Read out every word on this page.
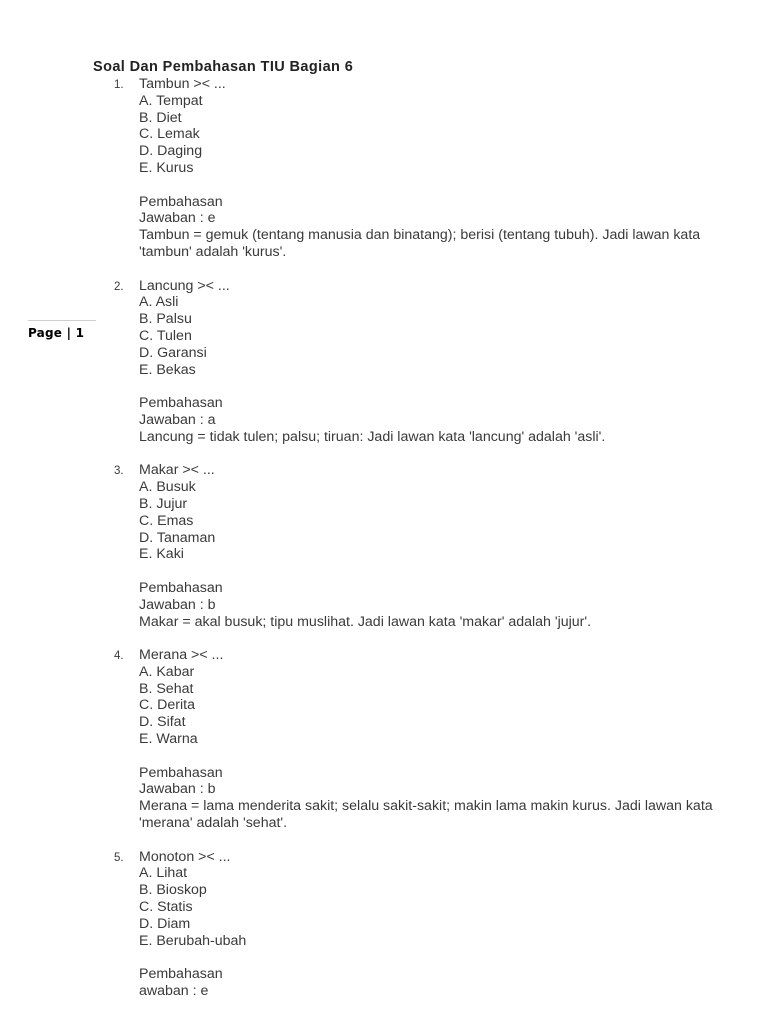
Page | 1
Soal Dan Pembahasan TIU Bagian 6
1. Tambun >< ...
A. Tempat
B. Diet
C. Lemak
D. Daging
E. Kurus
Pembahasan
Jawaban : e
Tambun = gemuk (tentang manusia dan binatang); berisi (tentang tubuh). Jadi lawan kata 'tambun' adalah 'kurus'.
2. Lancung >< ...
A. Asli
B. Palsu
C. Tulen
D. Garansi
E. Bekas
Pembahasan
Jawaban : a
Lancung = tidak tulen; palsu; tiruan: Jadi lawan kata 'lancung' adalah 'asli'.
3. Makar >< ...
A. Busuk
B. Jujur
C. Emas
D. Tanaman
E. Kaki
Pembahasan
Jawaban : b
Makar = akal busuk; tipu muslihat. Jadi lawan kata 'makar' adalah 'jujur'.
4. Merana >< ...
A. Kabar
B. Sehat
C. Derita
D. Sifat
E. Warna
Pembahasan
Jawaban : b
Merana = lama menderita sakit; selalu sakit-sakit; makin lama makin kurus. Jadi lawan kata 'merana' adalah 'sehat'.
5. Monoton >< ...
A. Lihat
B. Bioskop
C. Statis
D. Diam
E. Berubah-ubah
Pembahasan
awaban : e
